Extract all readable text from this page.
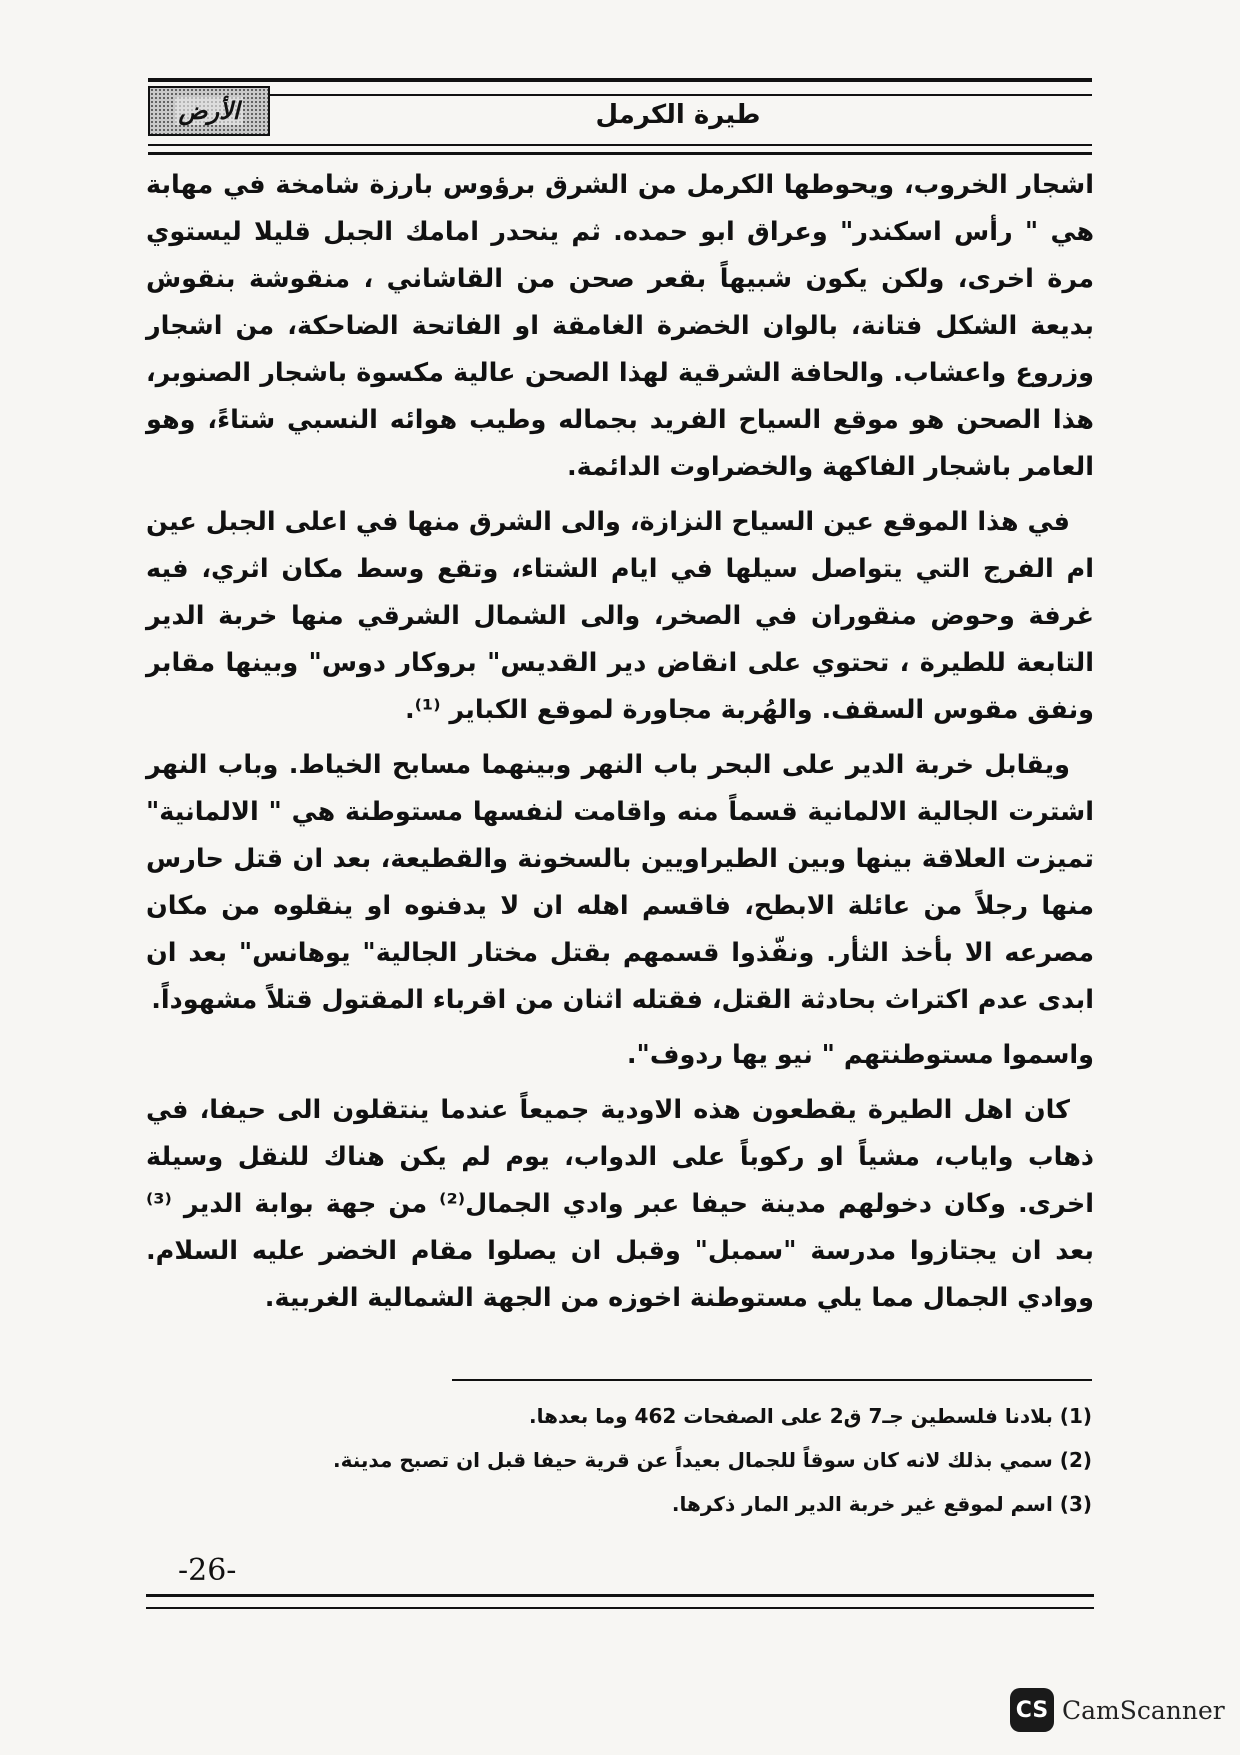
الأرض	طيرة الكرمل

اشجار الخروب، ويحوطها الكرمل من الشرق برؤوس بارزة شامخة في مهابة هي " رأس اسكندر" وعراق ابو حمده. ثم ينحدر امامك الجبل قليلا ليستوي مرة اخرى، ولكن يكون شبيهاً بقعر صحن من القاشاني ، منقوشة بنقوش بديعة الشكل فتانة، بالوان الخضرة الغامقة او الفاتحة الضاحكة، من اشجار وزروع واعشاب. والحافة الشرقية لهذا الصحن عالية مكسوة باشجار الصنوبر، هذا الصحن هو موقع السياح الفريد بجماله وطيب هوائه النسبي شتاءً، وهو العامر باشجار الفاكهة والخضراوت الدائمة.

في هذا الموقع عين السياح النزازة، والى الشرق منها في اعلى الجبل عين ام الفرج التي يتواصل سيلها في ايام الشتاء، وتقع وسط مكان اثري، فيه غرفة وحوض منقوران في الصخر، والى الشمال الشرقي منها خربة الدير التابعة للطيرة ، تحتوي على انقاض دير القديس" بروكار دوس" وبينها مقابر ونفق مقوس السقف. والهُربة مجاورة لموقع الكباير ⁽¹⁾.

ويقابل خربة الدير على البحر باب النهر وبينهما مسابح الخياط. وباب النهر اشترت الجالية الالمانية قسماً منه واقامت لنفسها مستوطنة هي " الالمانية" تميزت العلاقة بينها وبين الطيراويين بالسخونة والقطيعة، بعد ان قتل حارس منها رجلاً من عائلة الابطح، فاقسم اهله ان لا يدفنوه او ينقلوه من مكان مصرعه الا بأخذ الثأر. ونفّذوا قسمهم بقتل مختار الجالية" يوهانس" بعد ان ابدى عدم اكتراث بحادثة القتل، فقتله اثنان من اقرباء المقتول قتلاً مشهوداً.

واسموا مستوطنتهم " نيو يها ردوف".

كان اهل الطيرة يقطعون هذه الاودية جميعاً عندما ينتقلون الى حيفا، في ذهاب واياب، مشياً او ركوباً على الدواب، يوم لم يكن هناك للنقل وسيلة اخرى. وكان دخولهم مدينة حيفا عبر وادي الجمال⁽²⁾ من جهة بوابة الدير ⁽³⁾ بعد ان يجتازوا مدرسة "سمبل" وقبل ان يصلوا مقام الخضر عليه السلام. ووادي الجمال مما يلي مستوطنة اخوزه من الجهة الشمالية الغربية.

(1) بلادنا فلسطين جـ7 ق2 على الصفحات 462 وما بعدها.
(2) سمي بذلك لانه كان سوقاً للجمال بعيداً عن قرية حيفا قبل ان تصبح مدينة.
(3) اسم لموقع غير خربة الدير المار ذكرها.
-26-
CS CamScanner
